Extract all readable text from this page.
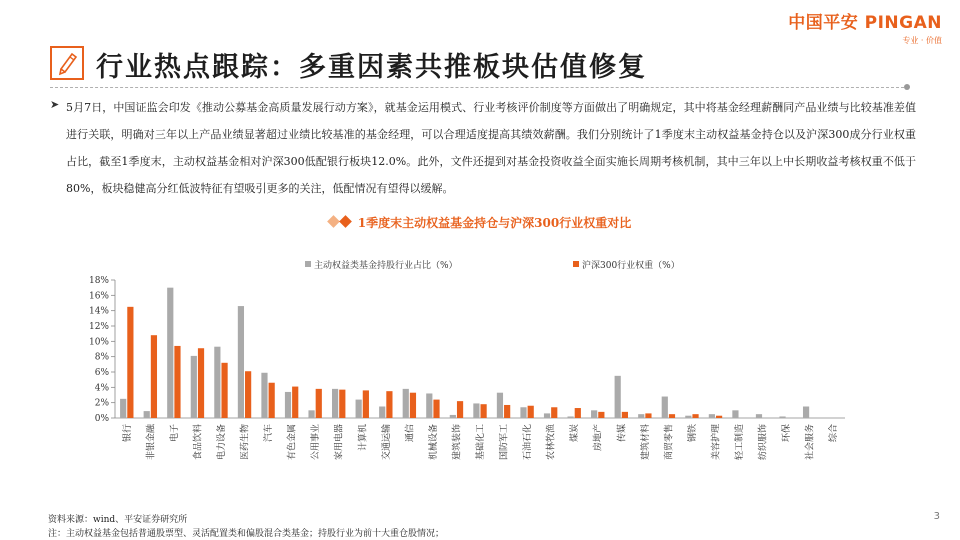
中国平安 PINGAN
专业 · 价值
行业热点跟踪：多重因素共推板块估值修复
➤ 5月7日，中国证监会印发《推动公募基金高质量发展行动方案》，就基金运用模式、行业考核评价制度等方面做出了明确规定，其中将基金经理薪酬同产品业绩与比较基准差值进行关联，明确对三年以上产品业绩显著超过业绩比较基准的基金经理，可以合理适度提高其绩效薪酬。我们分别统计了1季度末主动权益基金持仓以及沪深300成分行业权重占比，截至1季度末，主动权益基金相对沪深300低配银行板块12.0%。此外，文件还提到对基金投资收益全面实施长周期考核机制，其中三年以上中长期收益考核权重不低于80%，板块稳健高分红低波特征有望吸引更多的关注，低配情况有望得以缓解。
1季度末主动权益基金持仓与沪深300行业权重对比
主动权益类基金持股行业占比（%）	沪深300行业权重（%）
0%
2%
4%
6%
8%
10%
12%
14%
16%
18%
银行 非银金融 电子 食品饮料 电力设备 医药生物 汽车 有色金属 公用事业 家用电器 计算机 交通运输 通信 机械设备 建筑装饰 基础化工 国防军工 石油石化 农林牧渔 煤炭 房地产 传媒 建筑材料 商贸零售 钢铁 美容护理 轻工制造 纺织服饰 环保 社会服务 综合
资料来源：wind、平安证券研究所
注：主动权益基金包括普通股票型、灵活配置类和偏股混合类基金；持股行业为前十大重仓股情况；
3
